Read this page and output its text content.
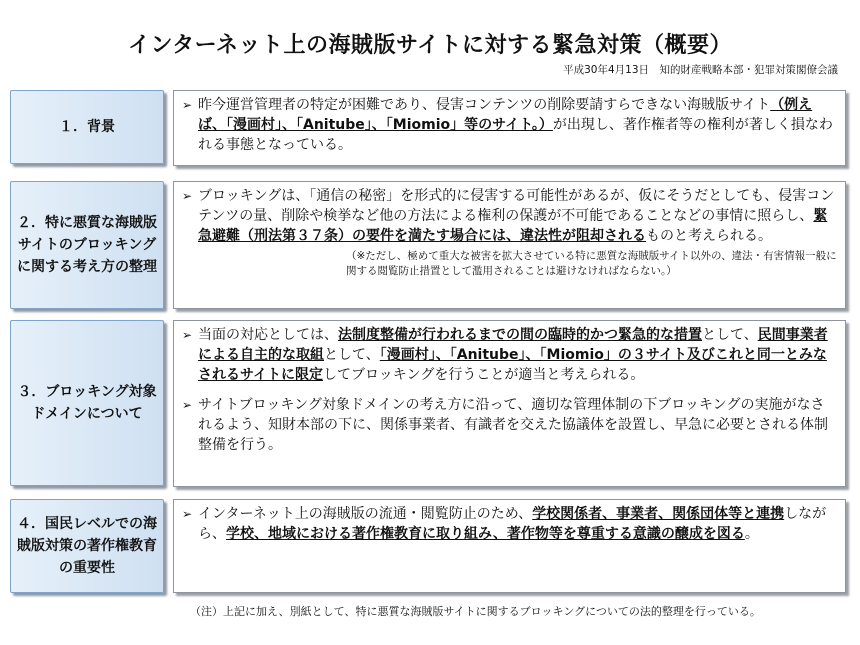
インターネット上の海賊版サイトに対する緊急対策（概要）
平成30年4月13日　知的財産戦略本部・犯罪対策閣僚会議
１．背景
➢ 昨今運営管理者の特定が困難であり、侵害コンテンツの削除要請すらできない海賊版サイト（例えば、「漫画村」、「Anitube」、「Miomio」等のサイト。）が出現し、著作権者等の権利が著しく損なわれる事態となっている。
２．特に悪質な海賊版サイトのブロッキングに関する考え方の整理
➢ ブロッキングは、「通信の秘密」を形式的に侵害する可能性があるが、仮にそうだとしても、侵害コンテンツの量、削除や検挙など他の方法による権利の保護が不可能であることなどの事情に照らし、緊急避難（刑法第３７条）の要件を満たす場合には、違法性が阻却されるものと考えられる。
（※ただし、極めて重大な被害を拡大させている特に悪質な海賊版サイト以外の、違法・有害情報一般に関する閲覧防止措置として濫用されることは避けなければならない。）
３．ブロッキング対象ドメインについて
➢ 当面の対応としては、法制度整備が行われるまでの間の臨時的かつ緊急的な措置として、民間事業者による自主的な取組として、「漫画村」、「Anitube」、「Miomio」の３サイト及びこれと同一とみなされるサイトに限定してブロッキングを行うことが適当と考えられる。
➢ サイトブロッキング対象ドメインの考え方に沿って、適切な管理体制の下ブロッキングの実施がなされるよう、知財本部の下に、関係事業者、有識者を交えた協議体を設置し、早急に必要とされる体制整備を行う。
４．国民レベルでの海賊版対策の著作権教育の重要性
➢ インターネット上の海賊版の流通・閲覧防止のため、学校関係者、事業者、関係団体等と連携しながら、学校、地域における著作権教育に取り組み、著作物等を尊重する意識の醸成を図る。
（注）上記に加え、別紙として、特に悪質な海賊版サイトに関するブロッキングについての法的整理を行っている。
